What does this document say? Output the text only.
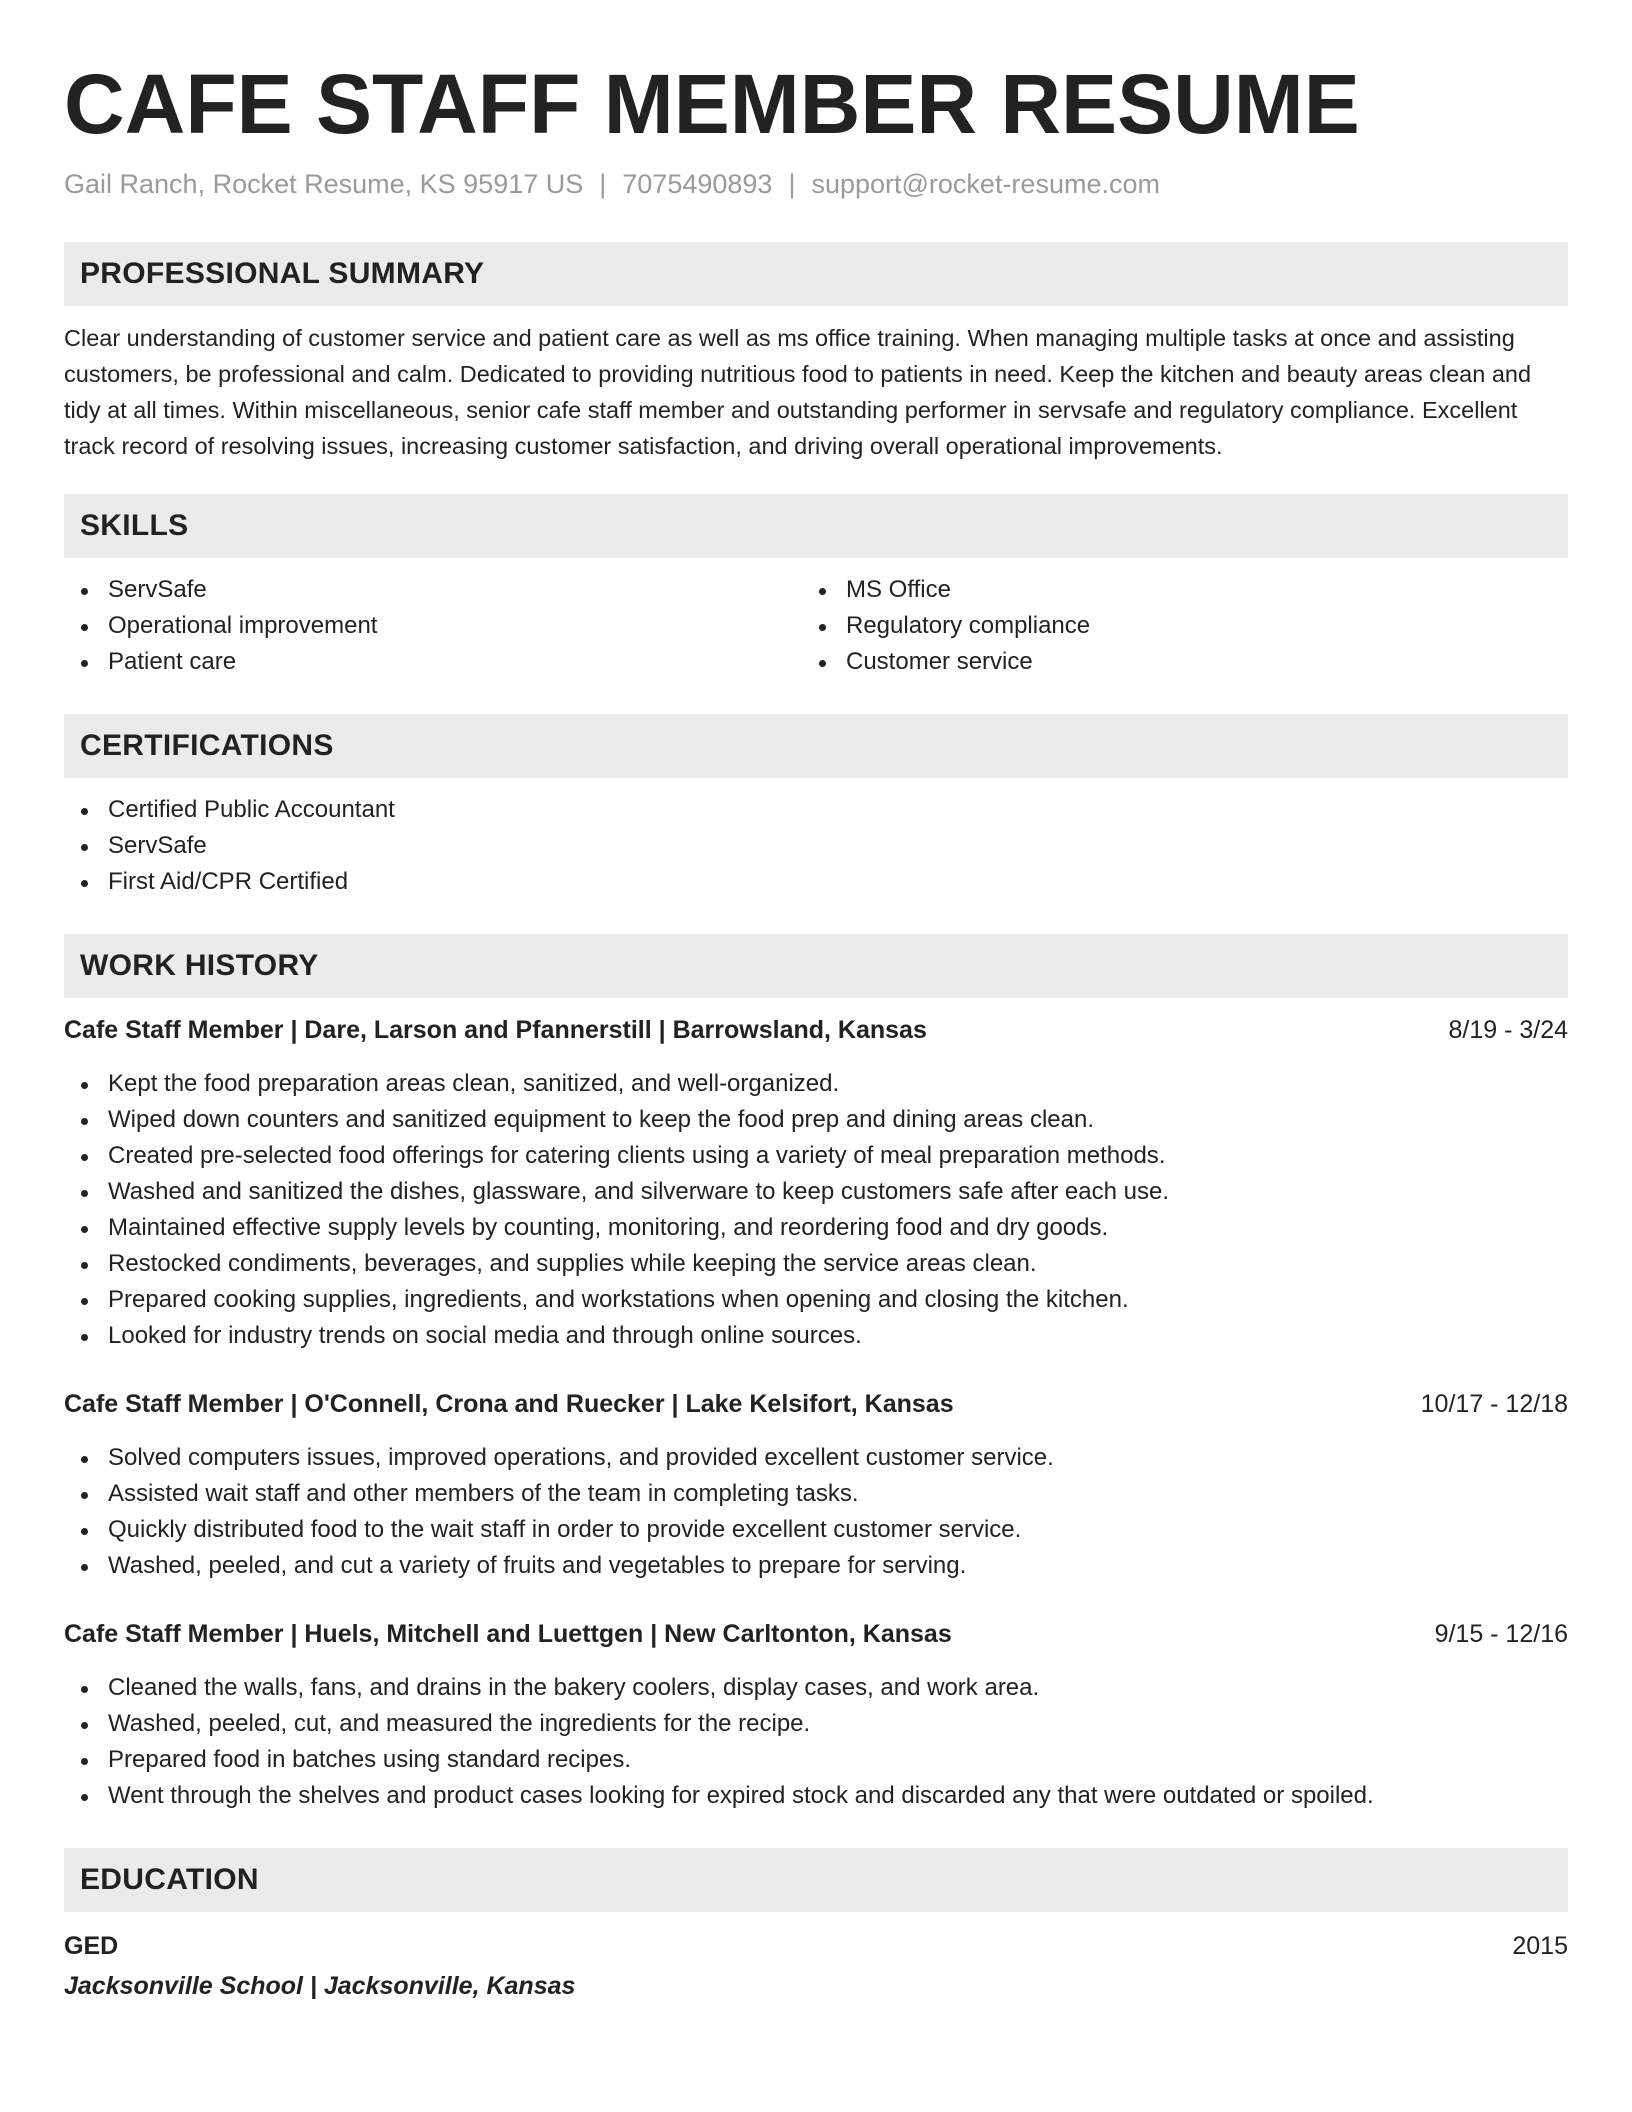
CAFE STAFF MEMBER RESUME
Gail Ranch, Rocket Resume, KS 95917 US | 7075490893 | support@rocket-resume.com
PROFESSIONAL SUMMARY

Clear understanding of customer service and patient care as well as ms office training. When managing multiple tasks at once and assisting customers, be professional and calm. Dedicated to providing nutritious food to patients in need. Keep the kitchen and beauty areas clean and tidy at all times. Within miscellaneous, senior cafe staff member and outstanding performer in servsafe and regulatory compliance. Excellent track record of resolving issues, increasing customer satisfaction, and driving overall operational improvements.

SKILLS
ServSafe
Operational improvement
Patient care
MS Office
Regulatory compliance
Customer service
CERTIFICATIONS
Certified Public Accountant
ServSafe
First Aid/CPR Certified
WORK HISTORY
Cafe Staff Member | Dare, Larson and Pfannerstill | Barrowsland, Kansas	8/19 - 3/24
Kept the food preparation areas clean, sanitized, and well-organized.
Wiped down counters and sanitized equipment to keep the food prep and dining areas clean.
Created pre-selected food offerings for catering clients using a variety of meal preparation methods.
Washed and sanitized the dishes, glassware, and silverware to keep customers safe after each use.
Maintained effective supply levels by counting, monitoring, and reordering food and dry goods.
Restocked condiments, beverages, and supplies while keeping the service areas clean.
Prepared cooking supplies, ingredients, and workstations when opening and closing the kitchen.
Looked for industry trends on social media and through online sources.
Cafe Staff Member | O'Connell, Crona and Ruecker | Lake Kelsifort, Kansas	10/17 - 12/18
Solved computers issues, improved operations, and provided excellent customer service.
Assisted wait staff and other members of the team in completing tasks.
Quickly distributed food to the wait staff in order to provide excellent customer service.
Washed, peeled, and cut a variety of fruits and vegetables to prepare for serving.
Cafe Staff Member | Huels, Mitchell and Luettgen | New Carltonton, Kansas	9/15 - 12/16
Cleaned the walls, fans, and drains in the bakery coolers, display cases, and work area.
Washed, peeled, cut, and measured the ingredients for the recipe.
Prepared food in batches using standard recipes.
Went through the shelves and product cases looking for expired stock and discarded any that were outdated or spoiled.
EDUCATION
GED	2015
Jacksonville School | Jacksonville, Kansas
